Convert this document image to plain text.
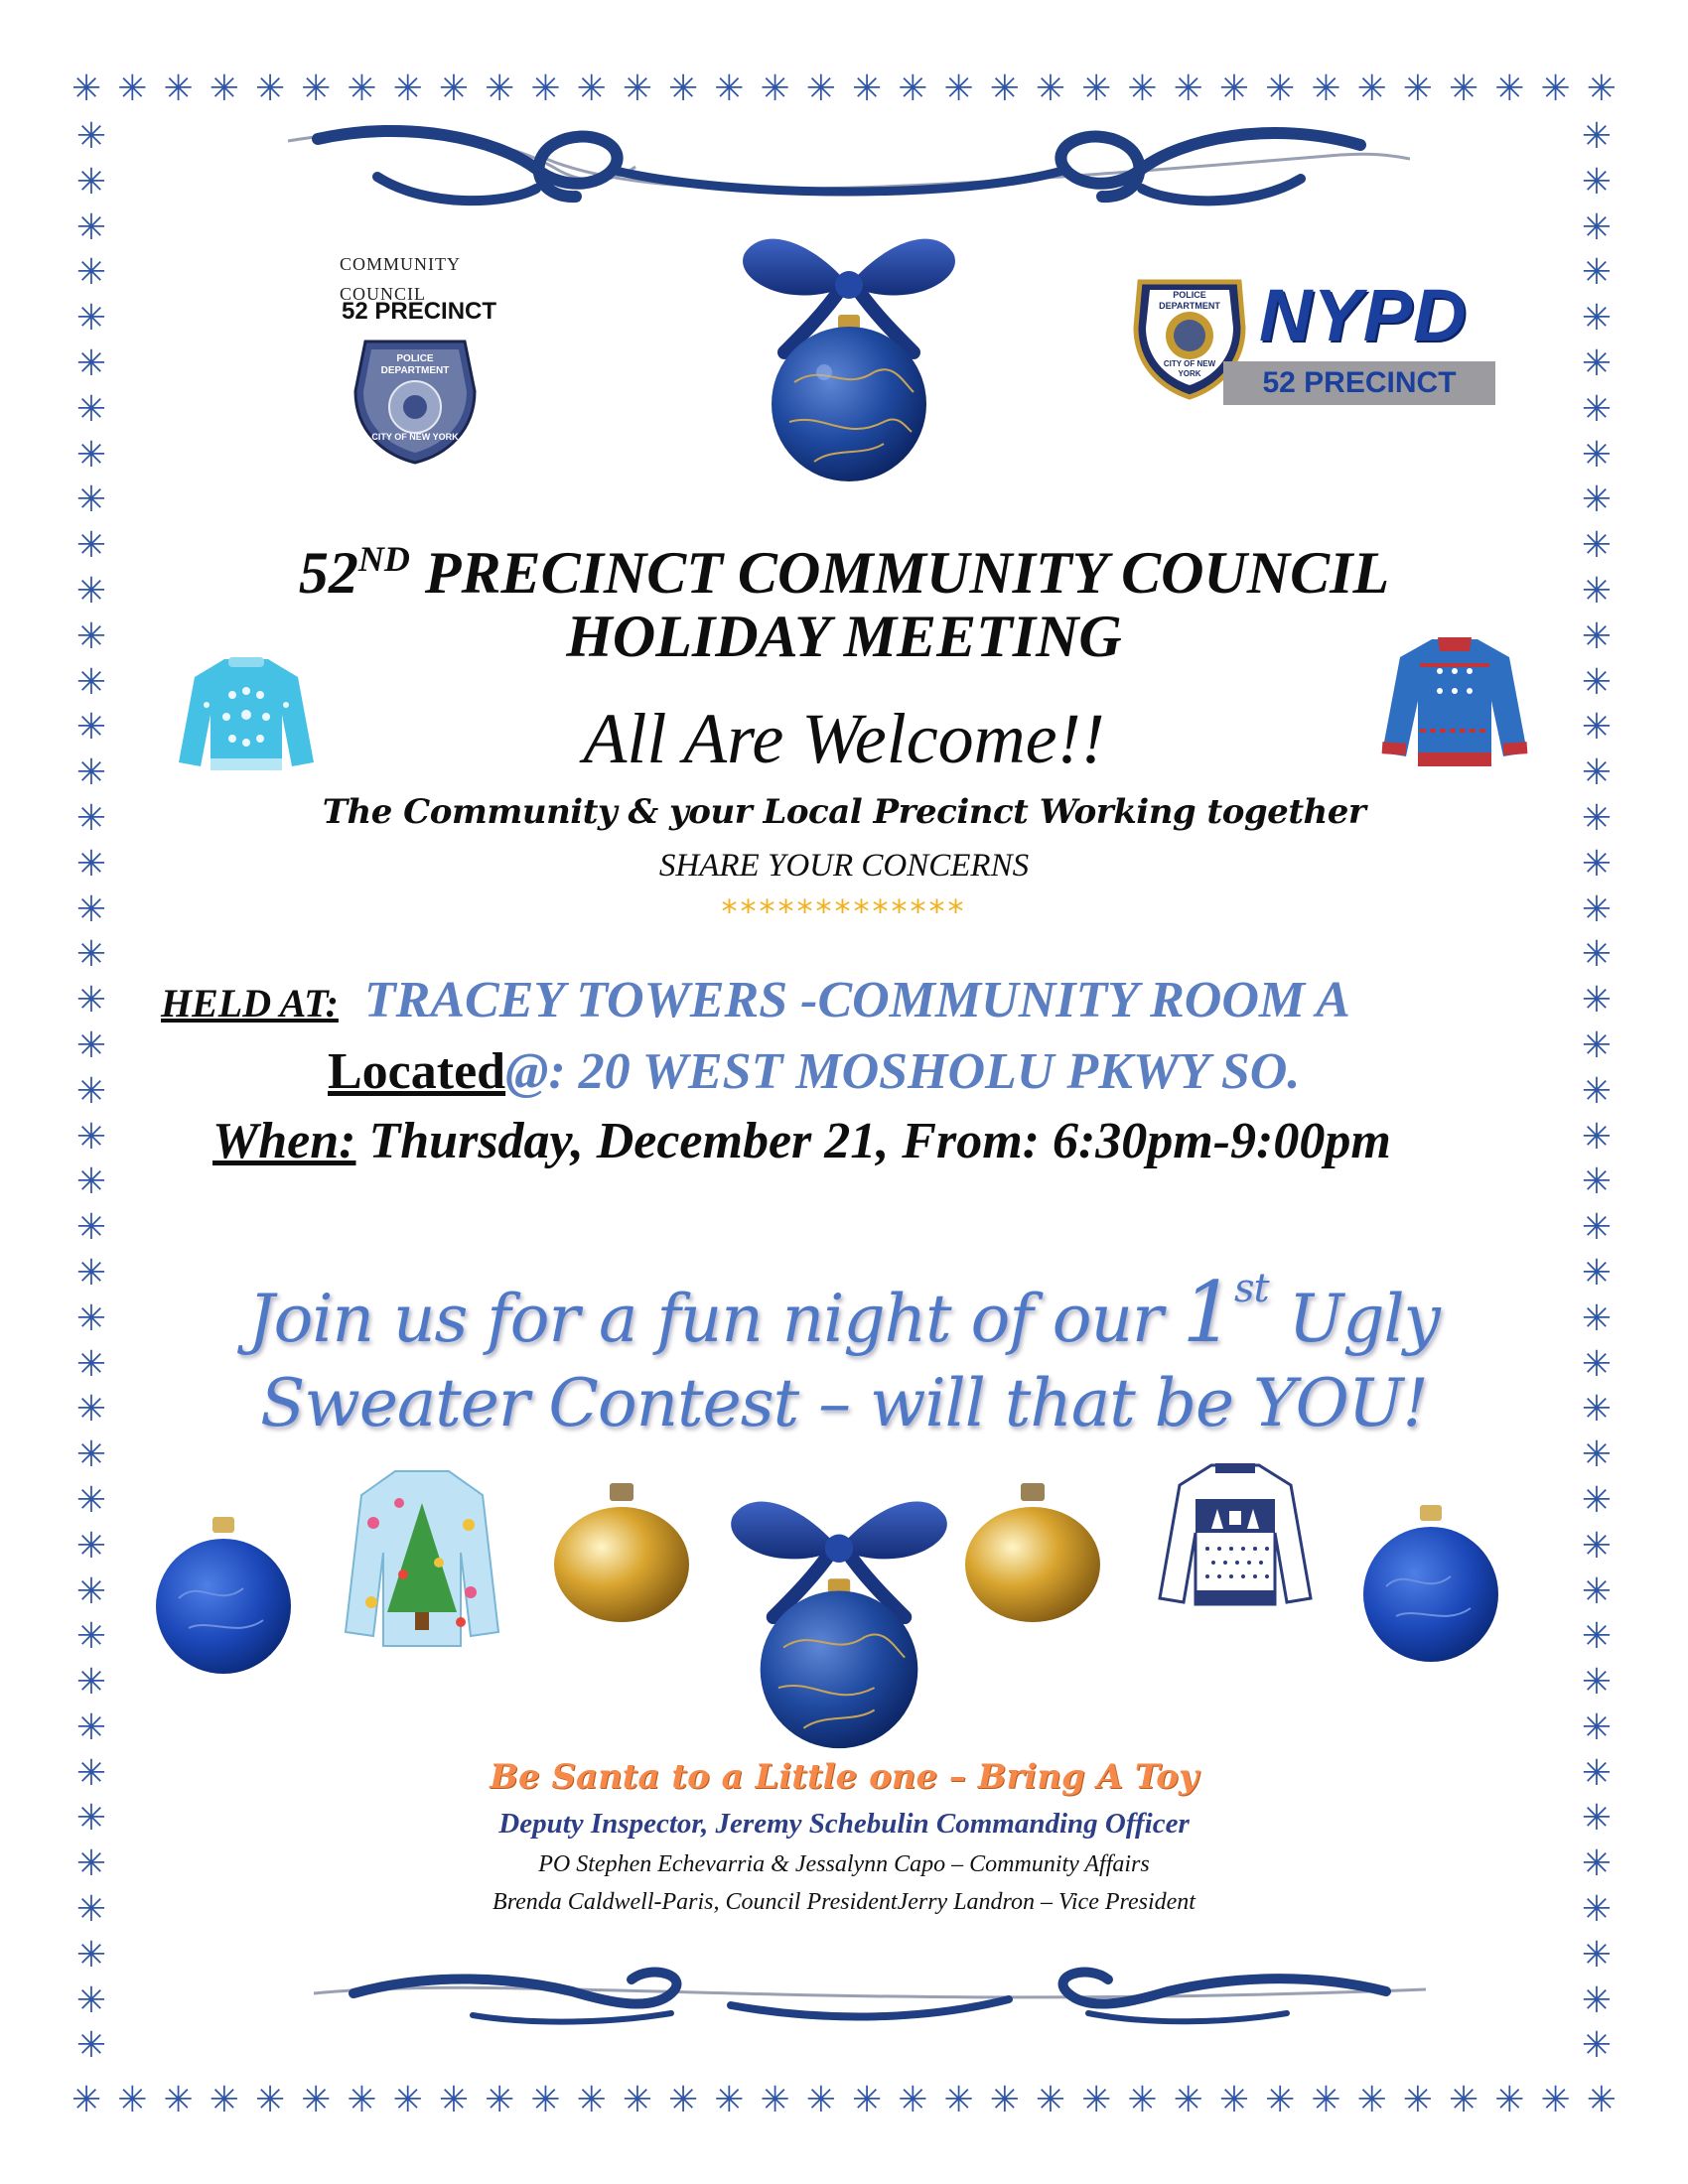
✳ ✳ ✳ ✳ ✳ ✳ ✳ ✳ ✳ ✳ ✳ ✳ ✳ ✳ ✳ ✳ ✳ ✳ ✳ ✳ ✳ ✳ ✳ ✳ ✳ ✳ ✳ ✳ ✳ ✳ ✳ ✳ ✳ ✳
✳ ✳ ✳ ✳ ✳ ✳ ✳ ✳ ✳ ✳ ✳ ✳ ✳ ✳ ✳ ✳ ✳ ✳ ✳ ✳ ✳ ✳ ✳ ✳ ✳ ✳ ✳ ✳ ✳ ✳ ✳ ✳ ✳ ✳
✳
✳
✳
✳
✳
✳
✳
✳
✳
✳
✳
✳
✳
✳
✳
✳
✳
✳
✳
✳
✳
✳
✳
✳
✳
✳
✳
✳
✳
✳
✳
✳
✳
✳
✳
✳
✳
✳
✳
✳
✳
✳
✳
✳
✳
✳
✳
✳
✳
✳
✳
✳
✳
✳
✳
✳
✳
✳
✳
✳
✳
✳
✳
✳
✳
✳
✳
✳
✳
✳
✳
✳
✳
✳
✳
✳
✳
✳
✳
✳
✳
✳
✳
✳
✳
✳
COMMUNITY COUNCIL
52 PRECINCT
POLICE DEPARTMENT
CITY OF NEW YORK
POLICE DEPARTMENT
CITY OF NEW YORK
NYPD
52 PRECINCT
52ND PRECINCT COMMUNITY COUNCIL
HOLIDAY MEETING
All Are Welcome!!
The Community & your Local Precinct Working together
SHARE YOUR CONCERNS
*************
HELD AT: TRACEY TOWERS -COMMUNITY ROOM A
Located@: 20 WEST MOSHOLU PKWY SO.
When: Thursday, December 21, From: 6:30pm-9:00pm
Join us for a fun night of our 1st Ugly
Sweater Contest – will that be YOU!
Be Santa to a Little one – Bring A Toy
Deputy Inspector, Jeremy Schebulin Commanding Officer
PO Stephen Echevarria & Jessalynn Capo – Community Affairs
Brenda Caldwell-Paris, Council PresidentJerry Landron – Vice President
